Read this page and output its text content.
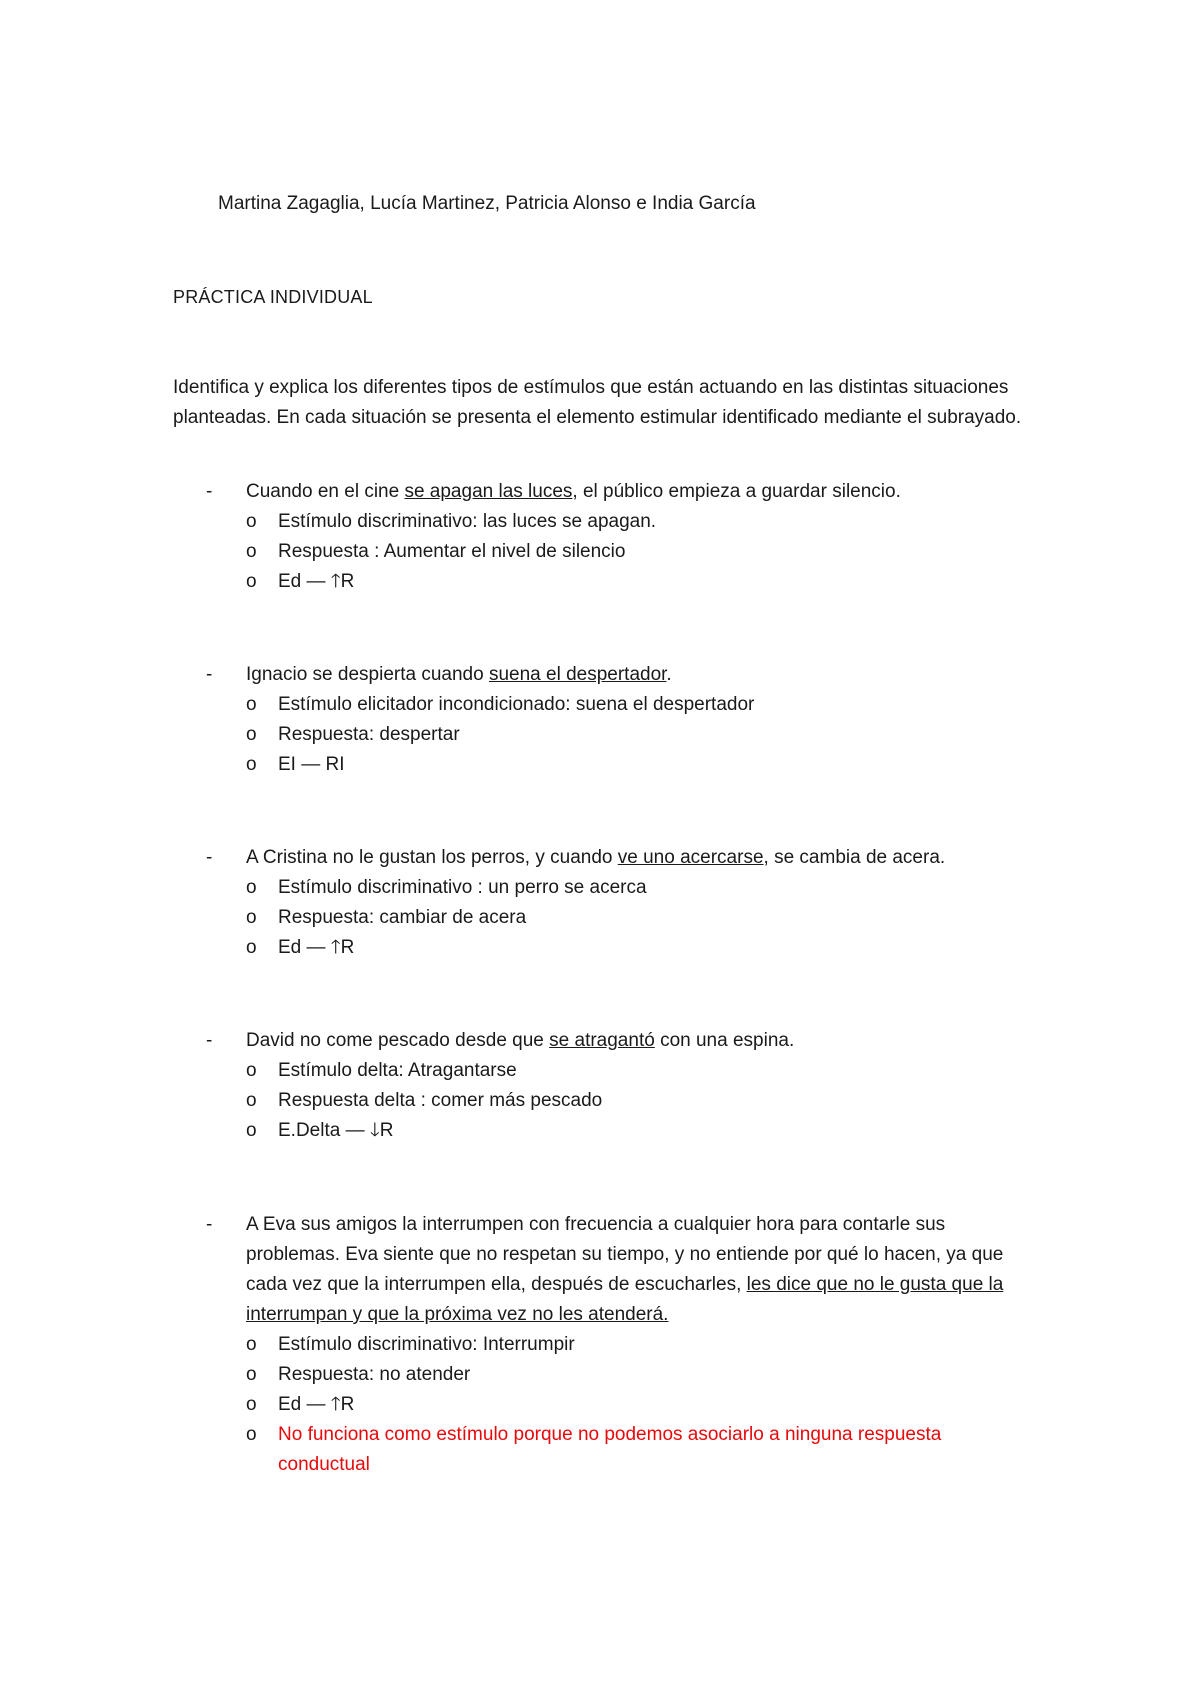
Martina Zagaglia, Lucía Martinez, Patricia Alonso e India García
PRÁCTICA INDIVIDUAL

Identifica y explica los diferentes tipos de estímulos que están actuando en las distintas situaciones planteadas. En cada situación se presenta el elemento estimular identificado mediante el subrayado.

-	Cuando en el cine se apagan las luces, el público empieza a guardar silencio.
o Estímulo discriminativo: las luces se apagan.
o Respuesta : Aumentar el nivel de silencio
o Ed — 🡑R
-	Ignacio se despierta cuando suena el despertador.
o Estímulo elicitador incondicionado: suena el despertador
o Respuesta: despertar
o EI — RI
-	A Cristina no le gustan los perros, y cuando ve uno acercarse, se cambia de acera.
o Estímulo discriminativo : un perro se acerca
o Respuesta: cambiar de acera
o Ed — 🡑R
-	David no come pescado desde que se atragantó con una espina.
o Estímulo delta: Atragantarse
o Respuesta delta : comer más pescado
o E.Delta — 🡓R
-	A Eva sus amigos la interrumpen con frecuencia a cualquier hora para contarle sus problemas. Eva siente que no respetan su tiempo, y no entiende por qué lo hacen, ya que cada vez que la interrumpen ella, después de escucharles, les dice que no le gusta que la interrumpan y que la próxima vez no les atenderá.
o Estímulo discriminativo: Interrumpir
o Respuesta: no atender
o Ed — 🡑R
o No funciona como estímulo porque no podemos asociarlo a ninguna respuesta conductual
